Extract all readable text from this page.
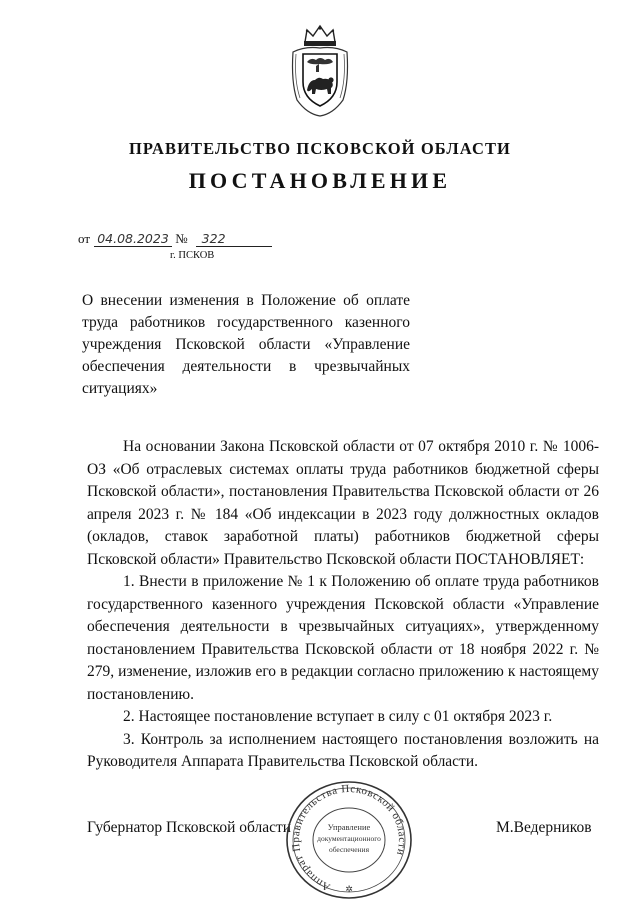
ПРАВИТЕЛЬСТВО ПСКОВСКОЙ ОБЛАСТИ
ПОСТАНОВЛЕНИЕ
от 04.08.2023 № 322
г. ПСКОВ

О внесении изменения в Положение об оплате труда работников государственного казенного учреждения Псковской области «Управление обеспечения деятельности в чрезвычайных ситуациях»

На основании Закона Псковской области от 07 октября 2010 г. № 1006-ОЗ «Об отраслевых системах оплаты труда работников бюджетной сферы Псковской области», постановления Правительства Псковской области от 26 апреля 2023 г. № 184 «Об индексации в 2023 году должностных окладов (окладов, ставок заработной платы) работников бюджетной сферы Псковской области» Правительство Псковской области ПОСТАНОВЛЯЕТ:

1. Внести в приложение № 1 к Положению об оплате труда работников государственного казенного учреждения Псковской области «Управление обеспечения деятельности в чрезвычайных ситуациях», утвержденному постановлением Правительства Псковской области от 18 ноября 2022 г. № 279, изменение, изложив его в редакции согласно приложению к настоящему постановлению.

2. Настоящее постановление вступает в силу с 01 октября 2023 г.

3. Контроль за исполнением настоящего постановления возложить на Руководителя Аппарата Правительства Псковской области.

Губернатор Псковской области	М.Ведерников
Аппарат Правительства Псковской области
Управление
документационного
обеспечения
✲
